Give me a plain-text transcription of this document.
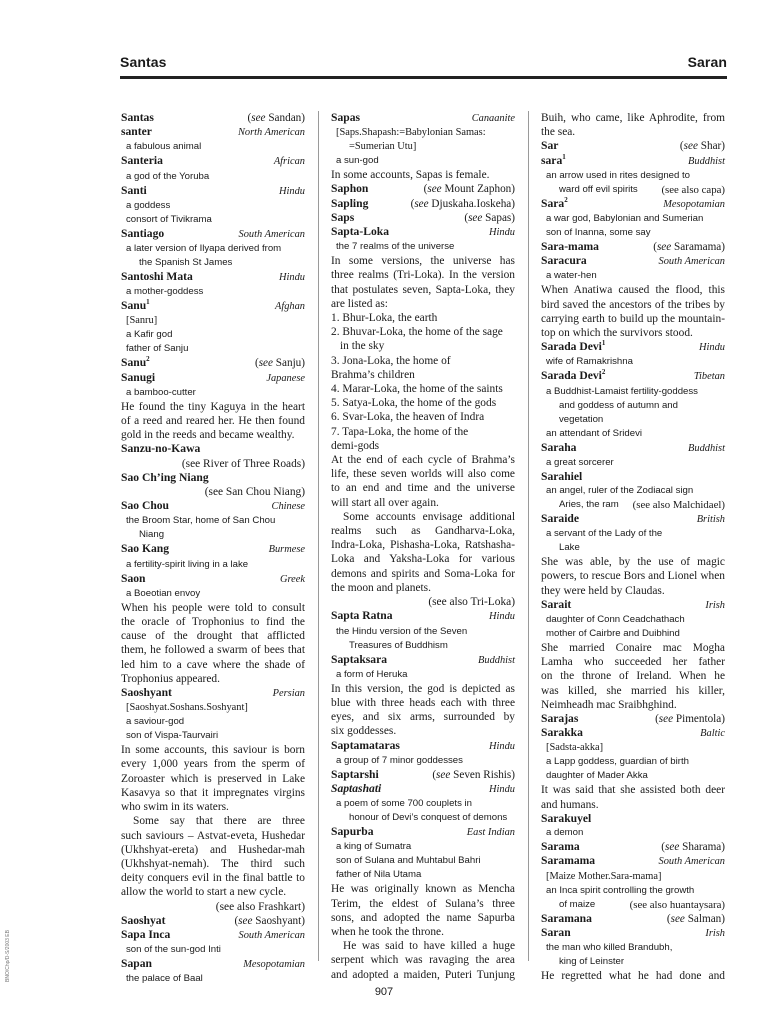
Santas	Saran
Santas	(see Sandan)
santer	North American
a fabulous animal
Santeria	African
a god of the Yoruba
Santi	Hindu
a goddess
consort of Tivikrama
Santiago	South American
a later version of Ilyapa derived from
the Spanish St James
Santoshi Mata	Hindu
a mother-goddess
Sanu$^1$	Afghan
[Sanru]
a Kafir god
father of Sanju
Sanu$^2$	(see Sanju)
Sanugi	Japanese
a bamboo-cutter
He found the tiny Kaguya in the heart
of a reed and reared her. He then found
gold in the reeds and became wealthy.
Sanzu-no-Kawa
(see River of Three Roads)
Sao Ch’ing Niang
(see San Chou Niang)
Sao Chou	Chinese
the Broom Star, home of San Chou
Niang
Sao Kang	Burmese
a fertility-spirit living in a lake
Saon	Greek
a Boeotian envoy
When his people were told to consult
the oracle of Trophonius to find the
cause of the drought that afflicted
them, he followed a swarm of bees that
led him to a cave where the shade of
Trophonius appeared.
Saoshyant	Persian
[Saoshyat.Soshans.Soshyant]
a saviour-god
son of Vispa-Taurvairi
In some accounts, this saviour is born
every 1,000 years from the sperm of
Zoroaster which is preserved in Lake
Kasavya so that it impregnates virgins
who swim in its waters.
Some say that there are three
such saviours – Astvat-eveta, Hushedar
(Ukhshyat-ereta) and Hushedar-mah
(Ukhshyat-nemah). The third such
deity conquers evil in the final battle to
allow the world to start a new cycle.
(see also Frashkart)
Saoshyat	(see Saoshyant)
Sapa Inca	South American
son of the sun-god Inti
Sapan	Mesopotamian
the palace of Baal
Sapas	Canaanite
[Saps.Shapash:=Babylonian Samas:
=Sumerian Utu]
a sun-god
In some accounts, Sapas is female.
Saphon	(see Mount Zaphon)
Sapling	(see Djuskaha.Ioskeha)
Saps	(see Sapas)
Sapta-Loka	Hindu
the 7 realms of the universe
In some versions, the universe has
three realms (Tri-Loka). In the version
that postulates seven, Sapta-Loka, they
are listed as:
1. Bhur-Loka, the earth
2. Bhuvar-Loka, the home of the sage
in the sky
3. Jona-Loka, the home of
Brahma’s children
4. Marar-Loka, the home of the saints
5. Satya-Loka, the home of the gods
6. Svar-Loka, the heaven of Indra
7. Tapa-Loka, the home of the
demi-gods
At the end of each cycle of Brahma’s
life, these seven worlds will also come
to an end and time and the universe
will start all over again.
Some accounts envisage additional
realms such as Gandharva-Loka,
Indra-Loka, Pishasha-Loka, Ratshasha-
Loka and Yaksha-Loka for various
demons and spirits and Soma-Loka for
the moon and planets.
(see also Tri-Loka)
Sapta Ratna	Hindu
the Hindu version of the Seven
Treasures of Buddhism
Saptaksara	Buddhist
a form of Heruka
In this version, the god is depicted as
blue with three heads each with three
eyes, and six arms, surrounded by
six goddesses.
Saptamataras	Hindu
a group of 7 minor goddesses
Saptarshi	(see Seven Rishis)
Saptashati	Hindu
a poem of some 700 couplets in
honour of Devi’s conquest of demons
Sapurba	East Indian
a king of Sumatra
son of Sulana and Muhtabul Bahri
father of Nila Utama
He was originally known as Mencha
Terim, the eldest of Sulana’s three
sons, and adopted the name Sapurba
when he took the throne.
He was said to have killed a huge
serpent which was ravaging the area
and adopted a maiden, Puteri Tunjung
Buih, who came, like Aphrodite, from
the sea.
Sar	(see Shar)
sara$^1$	Buddhist
an arrow used in rites designed to
ward off evil spirits (see also capa)
Sara$^2$	Mesopotamian
a war god, Babylonian and Sumerian
son of Inanna, some say
Sara-mama	(see Saramama)
Saracura	South American
a water-hen
When Anatiwa caused the flood, this
bird saved the ancestors of the tribes by
carrying earth to build up the mountain-
top on which the survivors stood.
Sarada Devi$^1$	Hindu
wife of Ramakrishna
Sarada Devi$^2$	Tibetan
a Buddhist-Lamaist fertility-goddess
and goddess of autumn and
vegetation
an attendant of Sridevi
Saraha	Buddhist
a great sorcerer
Sarahiel
an angel, ruler of the Zodiacal sign
Aries, the ram (see also Malchidael)
Saraide	British
a servant of the Lady of the
Lake
She was able, by the use of magic
powers, to rescue Bors and Lionel when
they were held by Claudas.
Sarait	Irish
daughter of Conn Ceadchathach
mother of Cairbre and Duibhind
She married Conaire mac Mogha
Lamha who succeeded her father
on the throne of Ireland. When he
was killed, she married his killer,
Neimheadh mac Sraibhghind.
Sarajas	(see Pimentola)
Sarakka	Baltic
[Sadsta-akka]
a Lapp goddess, guardian of birth
daughter of Mader Akka
It was said that she assisted both deer
and humans.
Sarakuyel
a demon
Sarama	(see Sharama)
Saramama	South American
[Maize Mother.Sara-mama]
an Inca spirit controlling the growth
of maize	(see also huantaysara)
Saramana	(see Salman)
Saran	Irish
the man who killed Brandubh,
king of Leinster
He regretted what he had done and
907
BNO/Chp/D-S/2003 EB
